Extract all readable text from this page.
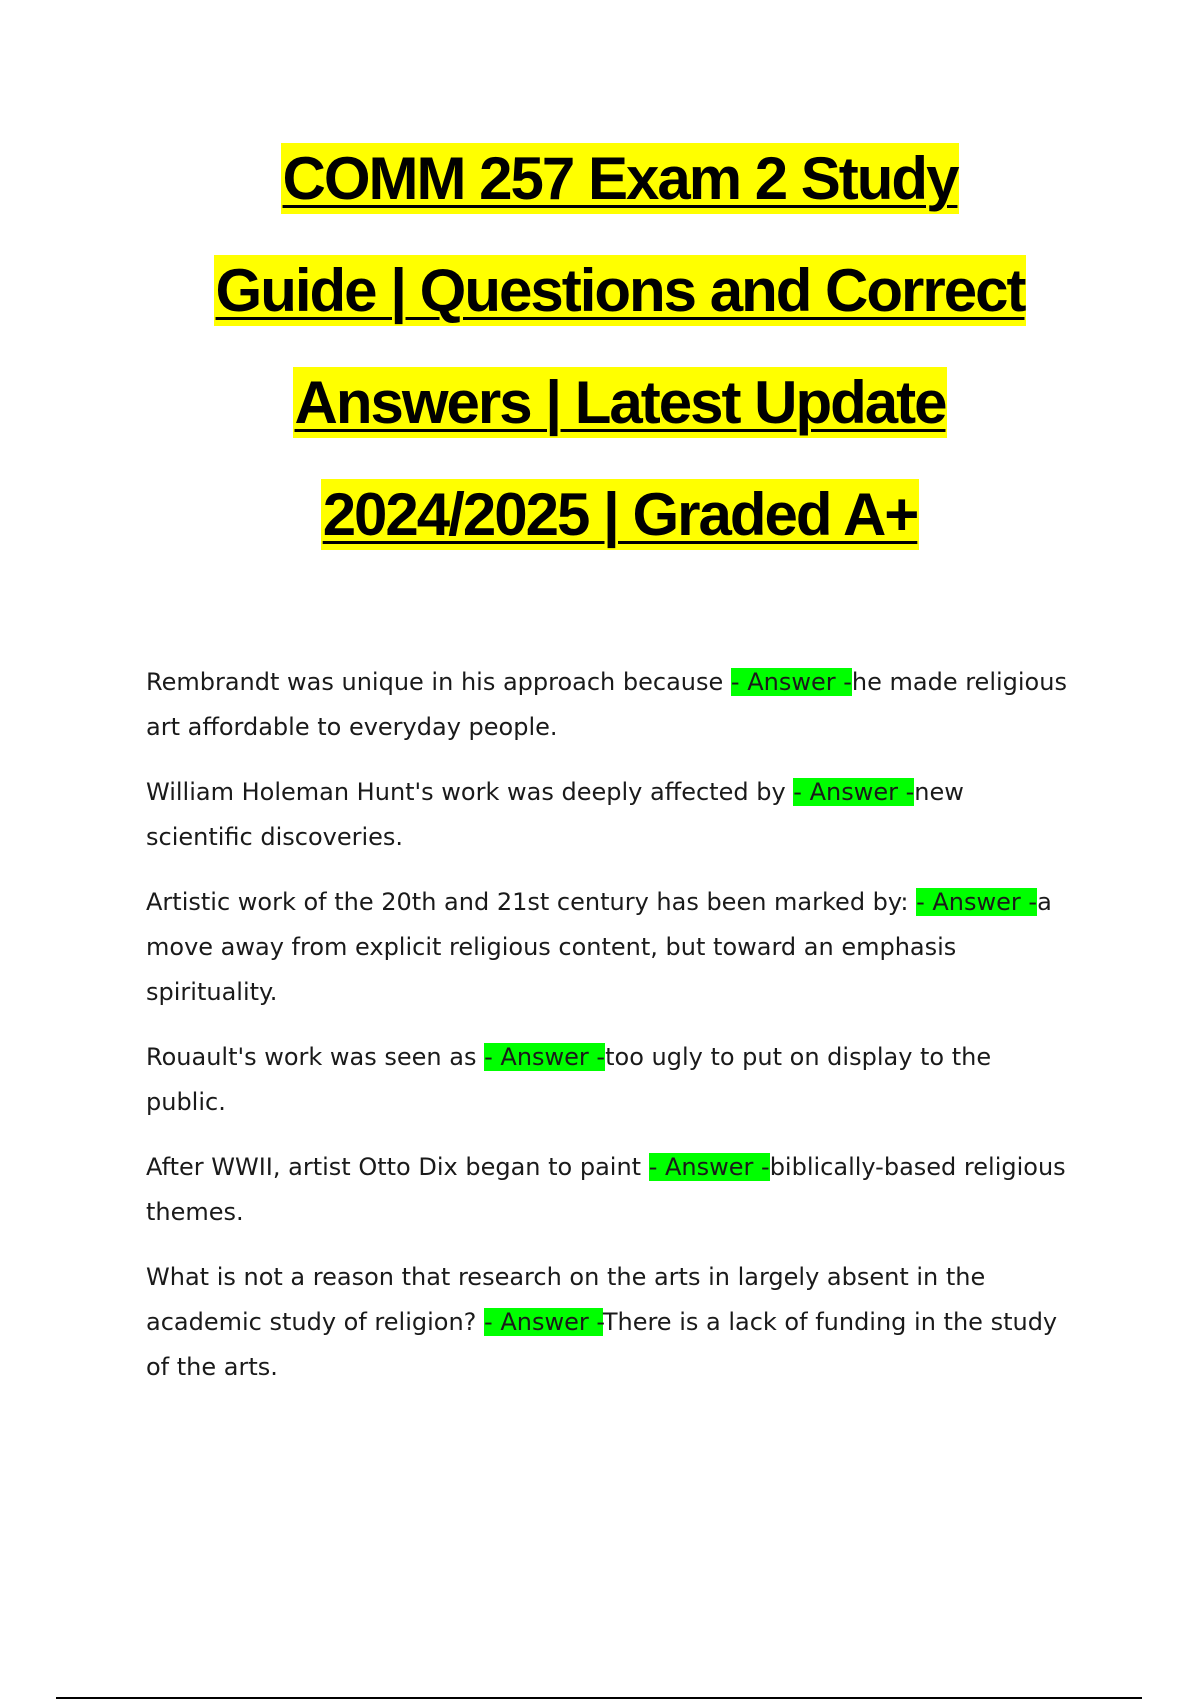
COMM 257 Exam 2 Study
Guide | Questions and Correct
Answers | Latest Update
2024/2025 | Graded A+

Rembrandt was unique in his approach because - Answer -he made religious art affordable to everyday people.

William Holeman Hunt's work was deeply affected by - Answer -new scientific discoveries.

Artistic work of the 20th and 21st century has been marked by: - Answer -a move away from explicit religious content, but toward an emphasis spirituality.

Rouault's work was seen as - Answer -too ugly to put on display to the public.

After WWII, artist Otto Dix began to paint - Answer -biblically-based religious themes.

What is not a reason that research on the arts in largely absent in the academic study of religion? - Answer -There is a lack of funding in the study of the arts.
